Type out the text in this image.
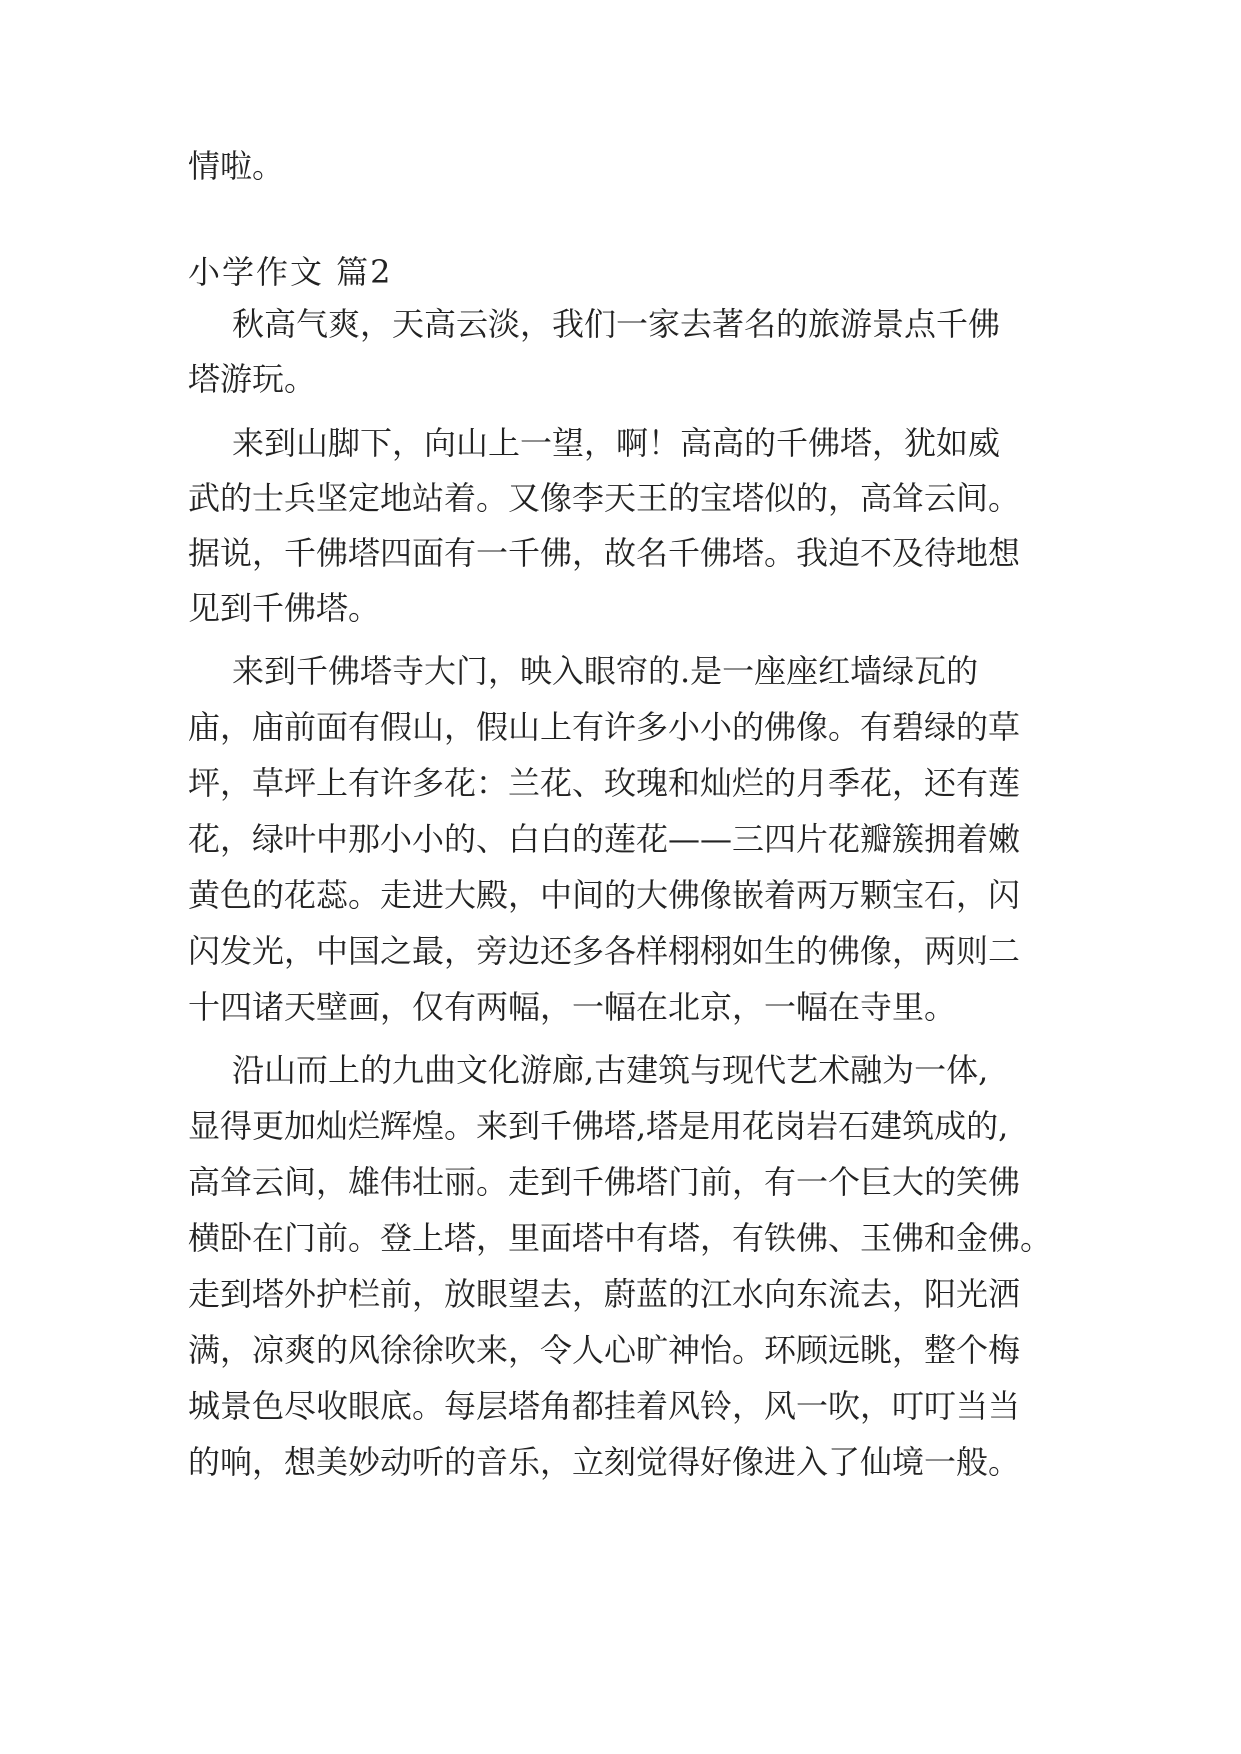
情啦。
小学作文 篇2
秋高气爽，天高云淡，我们一家去著名的旅游景点千佛
塔游玩。
来到山脚下，向山上一望，啊！高高的千佛塔，犹如威
武的士兵坚定地站着。又像李天王的宝塔似的，高耸云间。
据说，千佛塔四面有一千佛，故名千佛塔。我迫不及待地想
见到千佛塔。
来到千佛塔寺大门，映入眼帘的.是一座座红墙绿瓦的
庙，庙前面有假山，假山上有许多小小的佛像。有碧绿的草
坪，草坪上有许多花：兰花、玫瑰和灿烂的月季花，还有莲
花，绿叶中那小小的、白白的莲花——三四片花瓣簇拥着嫩
黄色的花蕊。走进大殿，中间的大佛像嵌着两万颗宝石，闪
闪发光，中国之最，旁边还多各样栩栩如生的佛像，两则二
十四诸天壁画，仅有两幅，一幅在北京，一幅在寺里。
沿山而上的九曲文化游廊,古建筑与现代艺术融为一体,
显得更加灿烂辉煌。来到千佛塔,塔是用花岗岩石建筑成的,
高耸云间，雄伟壮丽。走到千佛塔门前，有一个巨大的笑佛
横卧在门前。登上塔，里面塔中有塔，有铁佛、玉佛和金佛。
走到塔外护栏前，放眼望去，蔚蓝的江水向东流去，阳光洒
满，凉爽的风徐徐吹来，令人心旷神怡。环顾远眺，整个梅
城景色尽收眼底。每层塔角都挂着风铃，风一吹，叮叮当当
的响，想美妙动听的音乐，立刻觉得好像进入了仙境一般。
